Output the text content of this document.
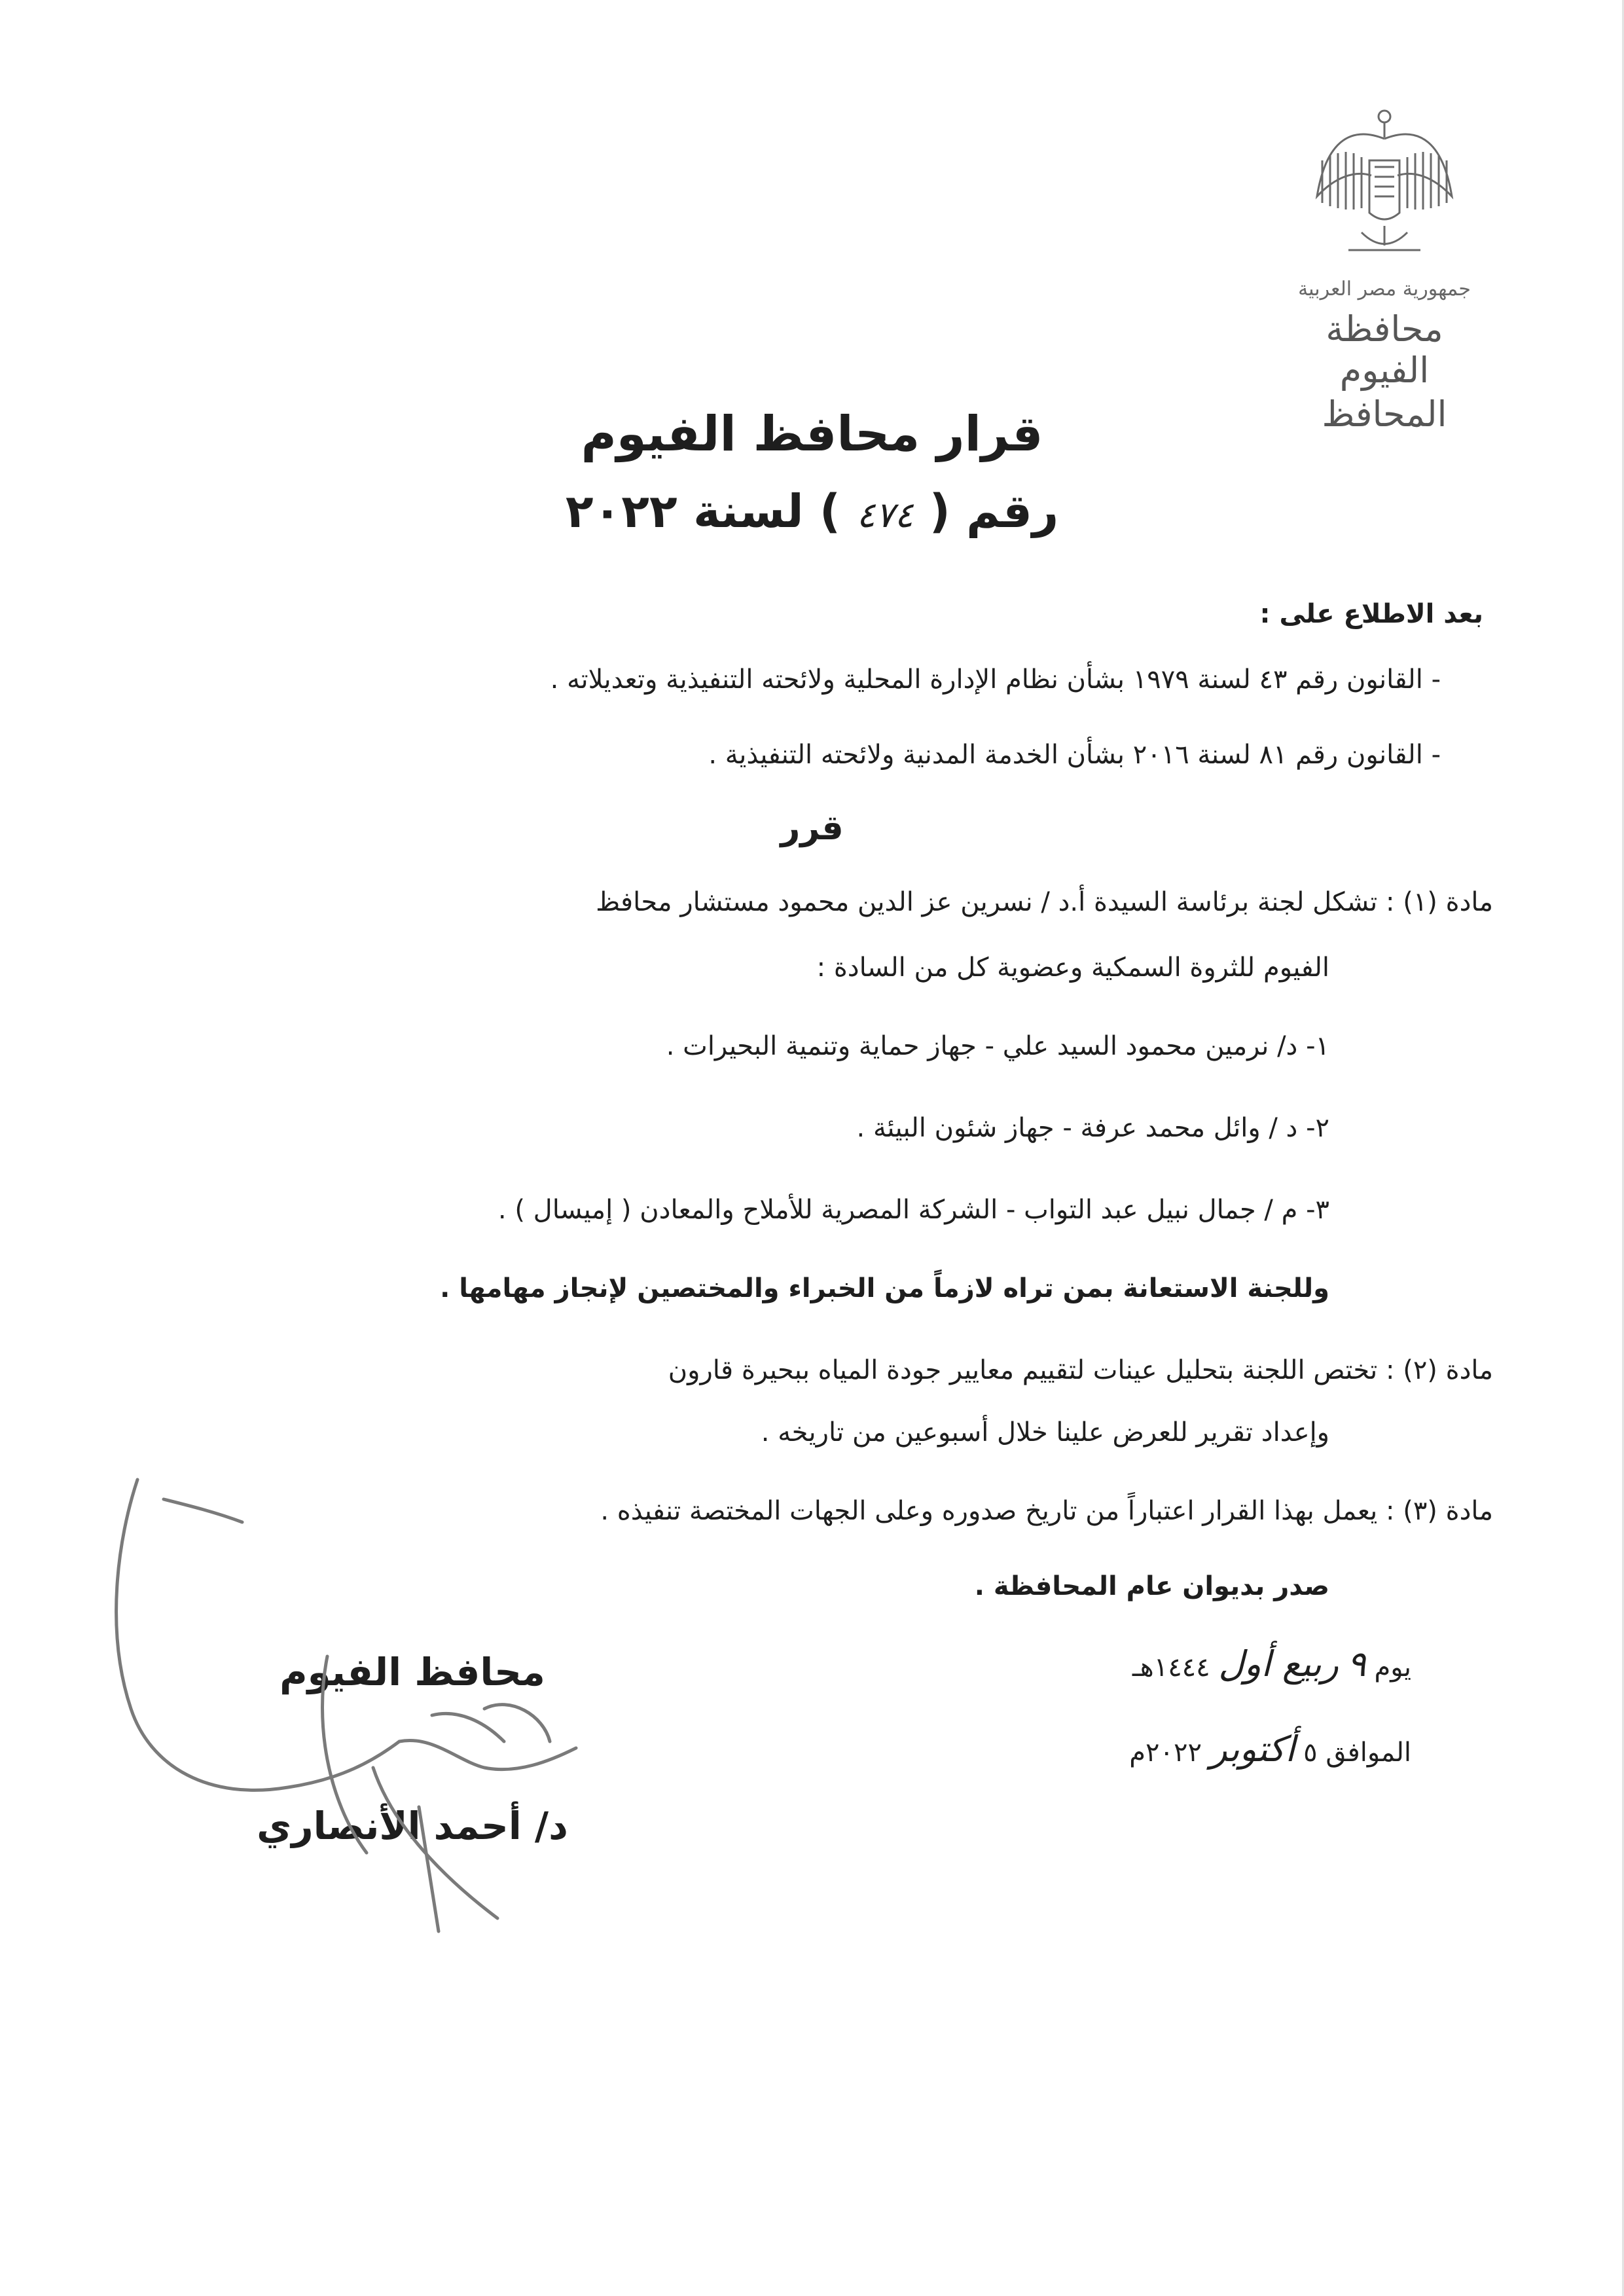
جمهورية مصر العربية
محافظة الفيوم
المحافظ
قرار محافظ الفيوم
رقم ( ٤٧٤ ) لسنة ٢٠٢٢
بعد الاطلاع على :
- القانون رقم ٤٣ لسنة ١٩٧٩ بشأن نظام الإدارة المحلية ولائحته التنفيذية وتعديلاته .
- القانون رقم ٨١ لسنة ٢٠١٦ بشأن الخدمة المدنية ولائحته التنفيذية .
قرر
مادة (١) : تشكل لجنة برئاسة السيدة أ.د / نسرين عز الدين محمود مستشار محافظ
الفيوم للثروة السمكية وعضوية كل من السادة :
١- د/ نرمين محمود السيد علي - جهاز حماية وتنمية البحيرات .
٢- د / وائل محمد عرفة - جهاز شئون البيئة .
٣- م / جمال نبيل عبد التواب - الشركة المصرية للأملاح والمعادن ( إميسال ) .
وللجنة الاستعانة بمن تراه لازماً من الخبراء والمختصين لإنجاز مهامها .
مادة (٢) : تختص اللجنة بتحليل عينات لتقييم معايير جودة المياه ببحيرة قارون
وإعداد تقرير للعرض علينا خلال أسبوعين من تاريخه .
مادة (٣) : يعمل بهذا القرار اعتباراً من تاريخ صدوره وعلى الجهات المختصة تنفيذه .
صدر بديوان عام المحافظة .
يوم ٩ ربيع أول ١٤٤٤هـ
الموافق ٥ أكتوبر ٢٠٢٢م
محافظ الفيوم
د/ أحمد الأنصاري
